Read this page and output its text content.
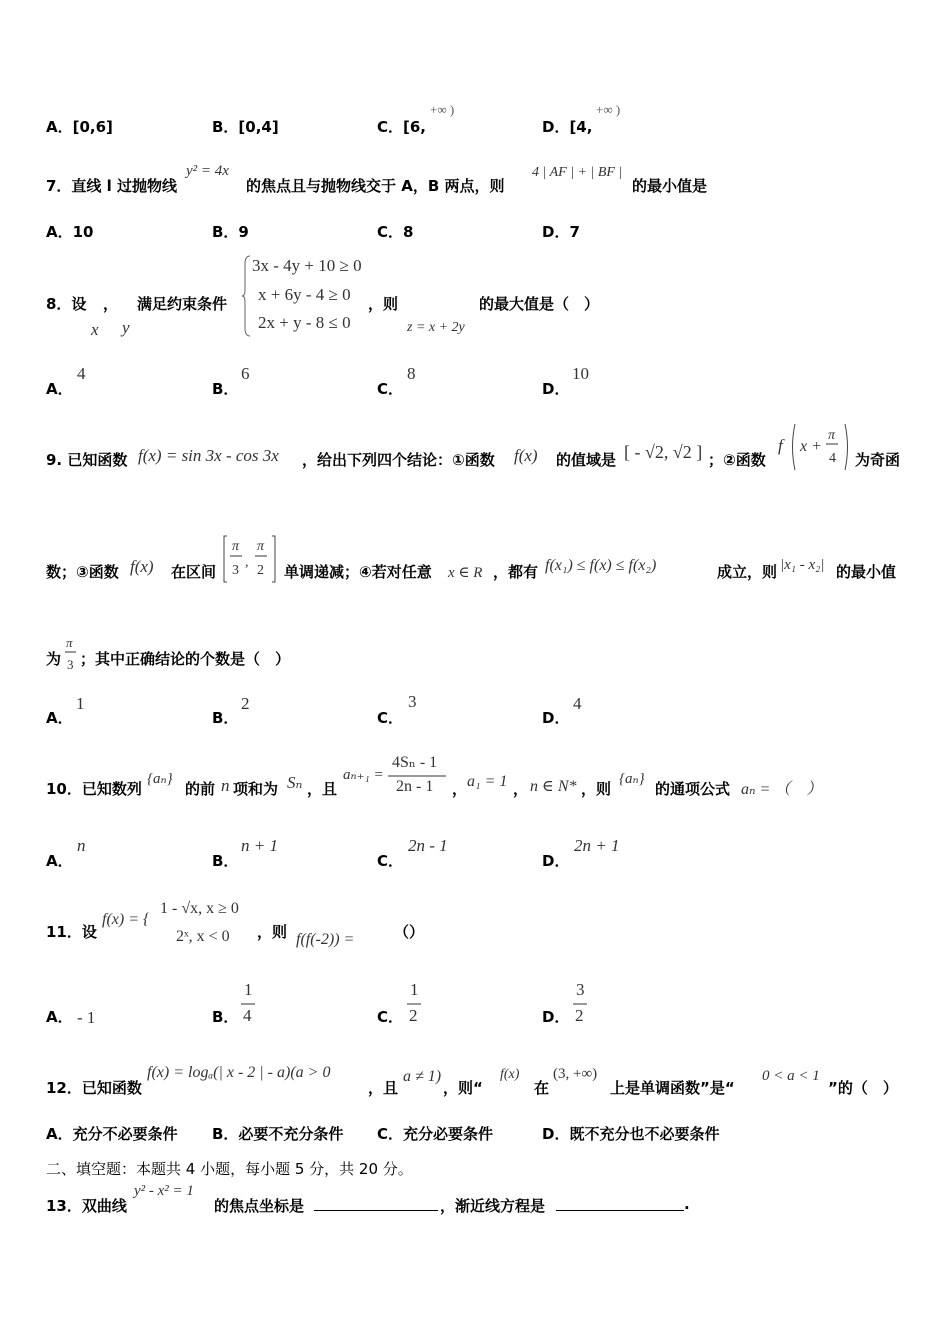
A．[0,6]	B．[0,4]	C．[6,
+∞ )
D．[4,
+∞ )
7．直线 l 过抛物线
y² = 4x
的焦点且与抛物线交于 A，B 两点，则
4 | AF | + | BF |
的最小值是
A．10	B．9	C．8	D．7
8．设 ，
x y
满足约束条件
3x - 4y + 10 ≥ 0
x + 6y - 4 ≥ 0
2x + y - 8 ≤ 0
，则
z = x + 2y
的最大值是（　）
A．
4
B．
6
C．
8
D．
10
9. 已知函数 f(x) = sin 3x - cos 3x ，给出下列四个结论：①函数 f(x) 的值域是 [ - √2, √2 ] ；②函数
f x +
π
4 为奇函
数；③函数 f(x) 在区间
π
3
,
π
2 单调递减；④若对任意 x ∈ R ，都有 f(x₁) ≤ f(x) ≤ f(x₂)	成立，则 |x₁ - x₂| 的最小值
为
π
3 ；其中正确结论的个数是（　）
A．
1
B．
2
C．
3
D．
4
10．已知数列
{aₙ}
的前 n 项和为 Sₙ ，且
aₙ₊₁ =
4Sₙ - 1
2n - 1 ， a₁ = 1 ， n ∈ N* ，则
{aₙ}
的通项公式 aₙ = （　）
A．
n
B．
n + 1
C．
2n - 1
D．
2n + 1
11．设
f(x) = {
1 - √x, x ≥ 0
2ˣ, x < 0 ，则 f(f(-2)) =	（）
A． - 1	B．
1
4	C．
1
2	D．
3
2
12．已知函数
f(x) = logₐ(| x - 2 | - a)(a > 0
，且
a ≠ 1)
，则“
f(x)
在
(3, +∞)
上是单调函数”是“
0 < a < 1
”的（　）
A．充分不必要条件 B．必要不充分条件 C．充分必要条件	D．既不充分也不必要条件
二、填空题：本题共 4 小题，每小题 5 分，共 20 分。
13．双曲线
y² - x² = 1
的焦点坐标是	，渐近线方程是	.
